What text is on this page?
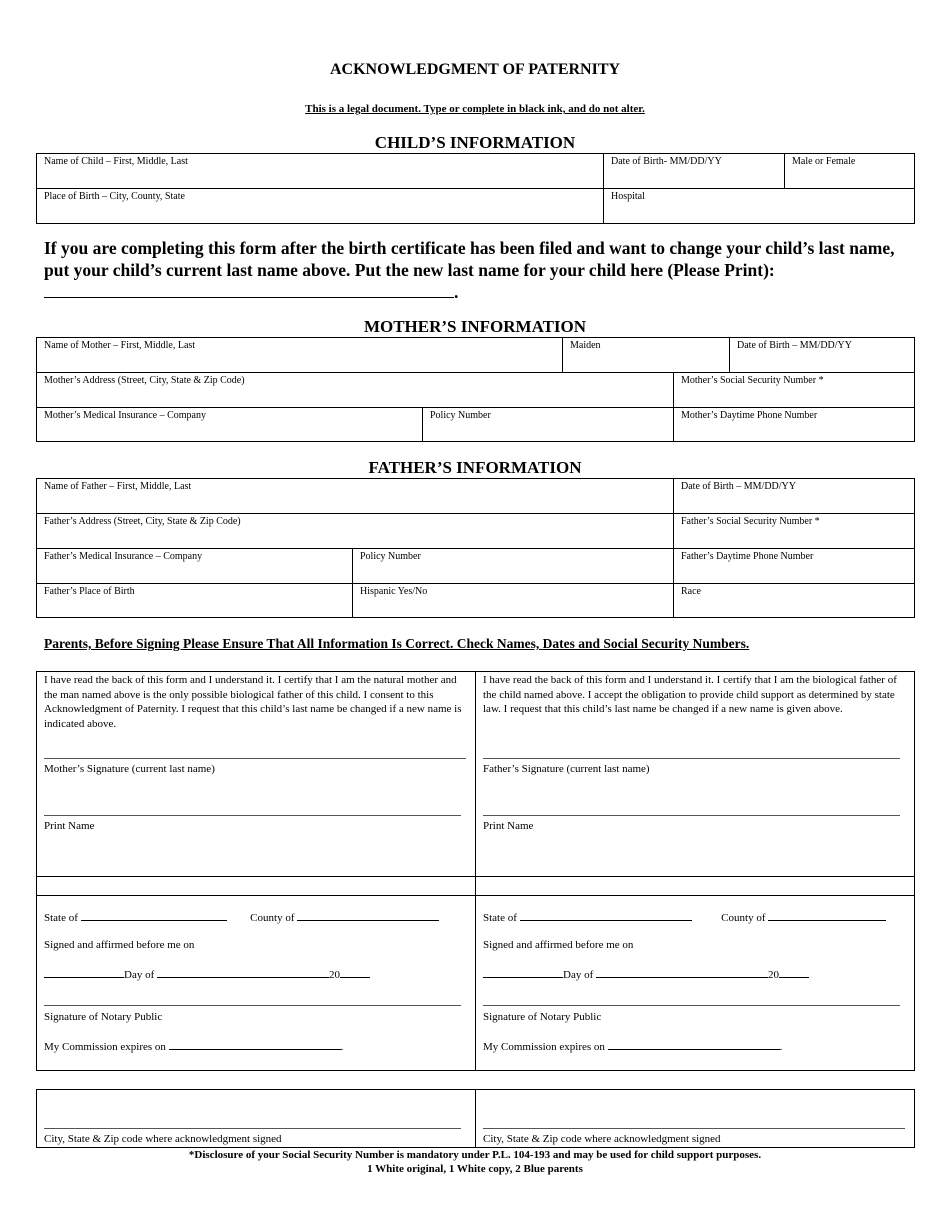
ACKNOWLEDGMENT OF PATERNITY
This is a legal document. Type or complete in black ink, and do not alter.
CHILD’S INFORMATION
Name of Child – First, Middle, Last	Date of Birth- MM/DD/YY	Male or Female
Place of Birth – City, County, State	Hospital	
If you are completing this form after the birth certificate has been filed and want to change your child’s last name, put your child’s current last name above. Put the new last name for your child here (Please Print):
.
MOTHER’S INFORMATION
Name of Mother – First, Middle, Last	Maiden	Date of Birth – MM/DD/YY
Mother’s Address (Street, City, State & Zip Code)	Mother’s Social Security Number *
Mother’s Medical Insurance – Company	Policy Number	Mother’s Daytime Phone Number
FATHER’S INFORMATION
Name of Father – First, Middle, Last	Date of Birth – MM/DD/YY
Father’s Address (Street, City, State & Zip Code)	Father’s Social Security Number *
Father’s Medical Insurance – Company	Policy Number	Father’s Daytime Phone Number
Father’s Place of Birth	Hispanic Yes/No	Race
Parents, Before Signing Please Ensure That All Information Is Correct. Check Names, Dates and Social Security Numbers.
I have read the back of this form and I understand it. I certify that I am the natural mother and the man named above is the only possible biological father of this child. I consent to this Acknowledgment of Paternity. I request that this child’s last name be changed if a new name is indicated above.
Mother’s Signature (current last name)
Print Name
I have read the back of this form and I understand it. I certify that I am the biological father of the child named above. I accept the obligation to provide child support as determined by state law. I request that this child’s last name be changed if a new name is given above.
Father’s Signature (current last name)
Print Name
State of	County of
Signed and affirmed before me on
Day of	20
Signature of Notary Public
My Commission expires on	.
State of	County of
Signed and affirmed before me on
Day of	20
Signature of Notary Public
My Commission expires on	.
City, State & Zip code where acknowledgment signed	City, State & Zip code where acknowledgment signed
*Disclosure of your Social Security Number is mandatory under P.L. 104-193 and may be used for child support purposes.
1 White original, 1 White copy, 2 Blue parents
